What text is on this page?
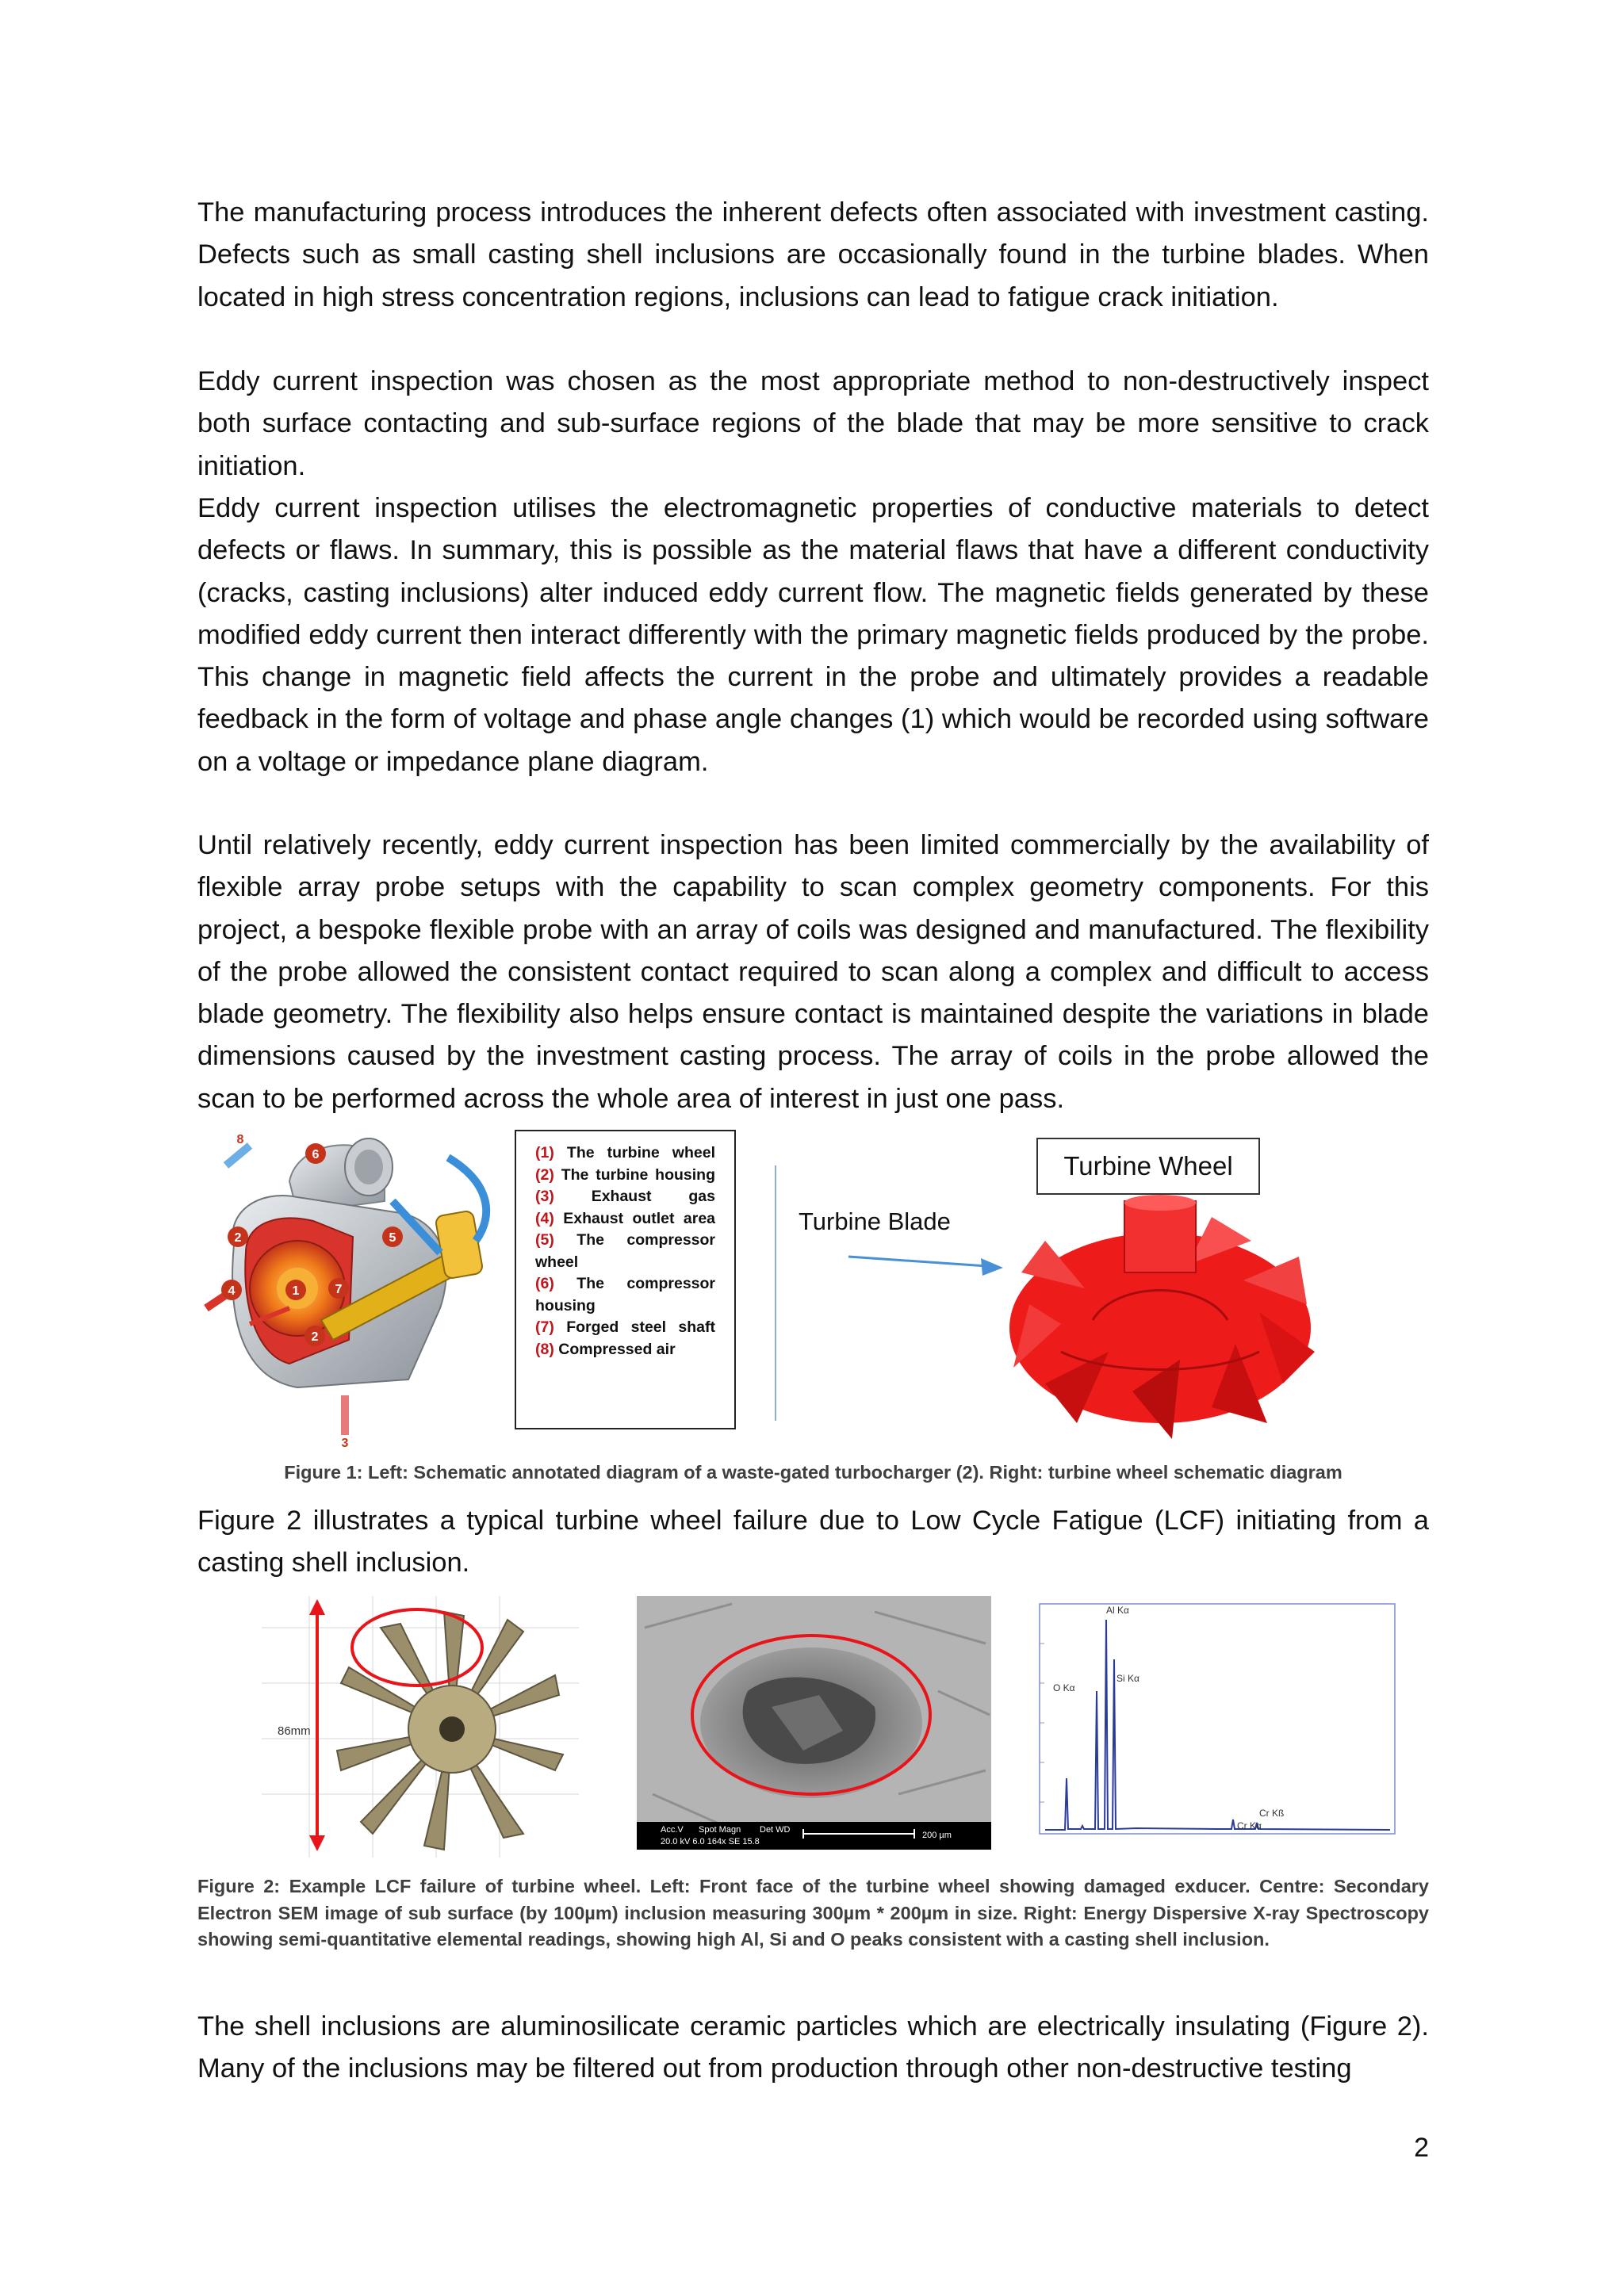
The manufacturing process introduces the inherent defects often associated with investment casting. Defects such as small casting shell inclusions are occasionally found in the turbine blades. When located in high stress concentration regions, inclusions can lead to fatigue crack initiation.

Eddy current inspection was chosen as the most appropriate method to non-destructively inspect both surface contacting and sub-surface regions of the blade that may be more sensitive to crack initiation.

Eddy current inspection utilises the electromagnetic properties of conductive materials to detect defects or flaws. In summary, this is possible as the material flaws that have a different conductivity (cracks, casting inclusions) alter induced eddy current flow. The magnetic fields generated by these modified eddy current then interact differently with the primary magnetic fields produced by the probe. This change in magnetic field affects the current in the probe and ultimately provides a readable feedback in the form of voltage and phase angle changes (1) which would be recorded using software on a voltage or impedance plane diagram.

Until relatively recently, eddy current inspection has been limited commercially by the availability of flexible array probe setups with the capability to scan complex geometry components. For this project, a bespoke flexible probe with an array of coils was designed and manufactured. The flexibility of the probe allowed the consistent contact required to scan along a complex and difficult to access blade geometry. The flexibility also helps ensure contact is maintained despite the variations in blade dimensions caused by the investment casting process. The array of coils in the probe allowed the scan to be performed across the whole area of interest in just one pass.

2
1
4
2
7
5
6
8
3
(1) The turbine wheel
(2) The turbine housing
(3) Exhaust gas
(4) Exhaust outlet area
(5) The compressor wheel
(6) The compressor housing
(7) Forged steel shaft
(8) Compressed air
Turbine Wheel
Turbine Blade

Figure 1: Left: Schematic annotated diagram of a waste-gated turbocharger (2). Right: turbine wheel schematic diagram

Figure 2 illustrates a typical turbine wheel failure due to Low Cycle Fatigue (LCF) initiating from a casting shell inclusion.

86mm
Acc.V Spot Magn Det WD
20.0 kV 6.0 164x SE 15.8
200 µm
Al Kα
Si Kα
O Kα
Cr Kß
Cr Kα

Figure 2: Example LCF failure of turbine wheel. Left: Front face of the turbine wheel showing damaged exducer. Centre: Secondary Electron SEM image of sub surface (by 100µm) inclusion measuring 300µm * 200µm in size. Right: Energy Dispersive X-ray Spectroscopy showing semi-quantitative elemental readings, showing high Al, Si and O peaks consistent with a casting shell inclusion.

The shell inclusions are aluminosilicate ceramic particles which are electrically insulating (Figure 2). Many of the inclusions may be filtered out from production through other non-destructive testing

2
